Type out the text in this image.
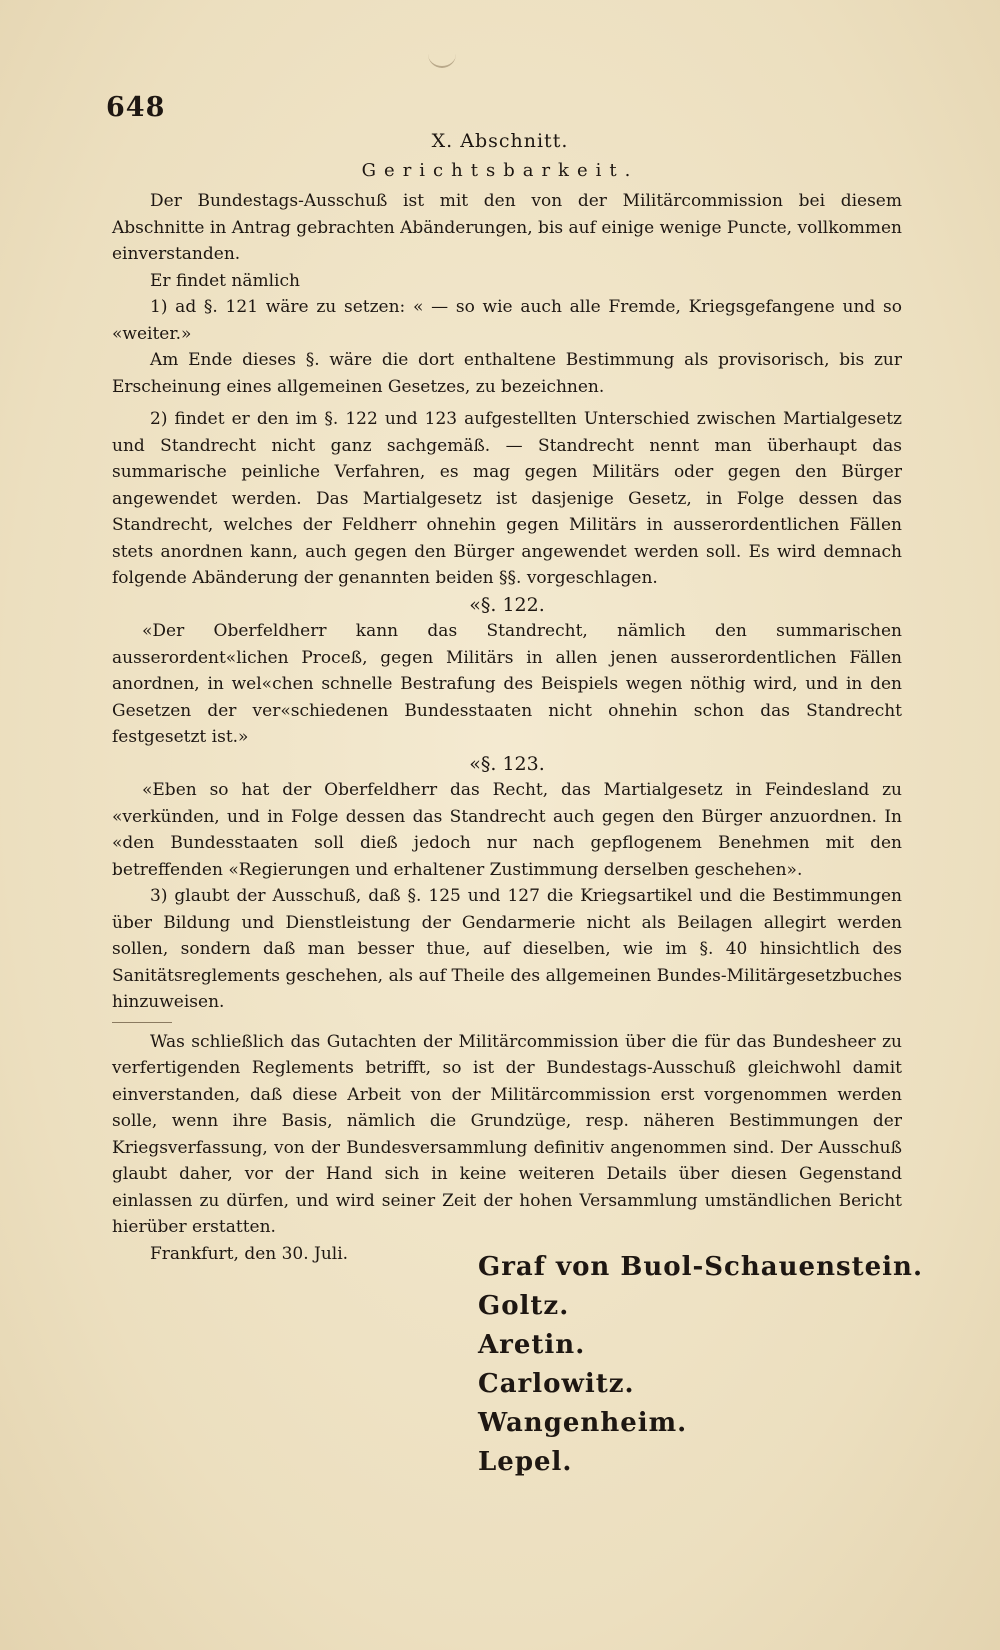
648
X. Abschnitt.
Gerichtsbarkeit.

Der Bundestags-Ausschuß ist mit den von der Militärcommission bei diesem Abschnitte in Antrag gebrachten Abänderungen, bis auf einige wenige Puncte, vollkommen einverstanden.

Er findet nämlich

1) ad §. 121 wäre zu setzen: « — so wie auch alle Fremde, Kriegsgefangene und so «weiter.»

Am Ende dieses §. wäre die dort enthaltene Bestimmung als provisorisch, bis zur Erscheinung eines allgemeinen Gesetzes, zu bezeichnen.

2) findet er den im §. 122 und 123 aufgestellten Unterschied zwischen Martialgesetz und Standrecht nicht ganz sachgemäß. — Standrecht nennt man überhaupt das summarische peinliche Verfahren, es mag gegen Militärs oder gegen den Bürger angewendet werden. Das Martialgesetz ist dasjenige Gesetz, in Folge dessen das Standrecht, welches der Feldherr ohnehin gegen Militärs in ausserordentlichen Fällen stets anordnen kann, auch gegen den Bürger angewendet werden soll. Es wird demnach folgende Abänderung der genannten beiden §§. vorgeschlagen.

«§. 122.

«Der Oberfeldherr kann das Standrecht, nämlich den summarischen ausserordent«lichen Proceß, gegen Militärs in allen jenen ausserordentlichen Fällen anordnen, in wel«chen schnelle Bestrafung des Beispiels wegen nöthig wird, und in den Gesetzen der ver«schiedenen Bundesstaaten nicht ohnehin schon das Standrecht festgesetzt ist.»

«§. 123.

«Eben so hat der Oberfeldherr das Recht, das Martialgesetz in Feindesland zu «verkünden, und in Folge dessen das Standrecht auch gegen den Bürger anzuordnen. In «den Bundesstaaten soll dieß jedoch nur nach gepflogenem Benehmen mit den betreffenden «Regierungen und erhaltener Zustimmung derselben geschehen».

3) glaubt der Ausschuß, daß §. 125 und 127 die Kriegsartikel und die Bestimmungen über Bildung und Dienstleistung der Gendarmerie nicht als Beilagen allegirt werden sollen, sondern daß man besser thue, auf dieselben, wie im §. 40 hinsichtlich des Sanitätsreglements geschehen, als auf Theile des allgemeinen Bundes-Militärgesetzbuches hinzuweisen.

Was schließlich das Gutachten der Militärcommission über die für das Bundesheer zu verfertigenden Reglements betrifft, so ist der Bundestags-Ausschuß gleichwohl damit einverstanden, daß diese Arbeit von der Militärcommission erst vorgenommen werden solle, wenn ihre Basis, nämlich die Grundzüge, resp. näheren Bestimmungen der Kriegsverfassung, von der Bundesversammlung definitiv angenommen sind. Der Ausschuß glaubt daher, vor der Hand sich in keine weiteren Details über diesen Gegenstand einlassen zu dürfen, und wird seiner Zeit der hohen Versammlung umständlichen Bericht hierüber erstatten.

Frankfurt, den 30. Juli.	Graf von Buol-Schauenstein.
Goltz.
Aretin.
Carlowitz.
Wangenheim.
Lepel.
